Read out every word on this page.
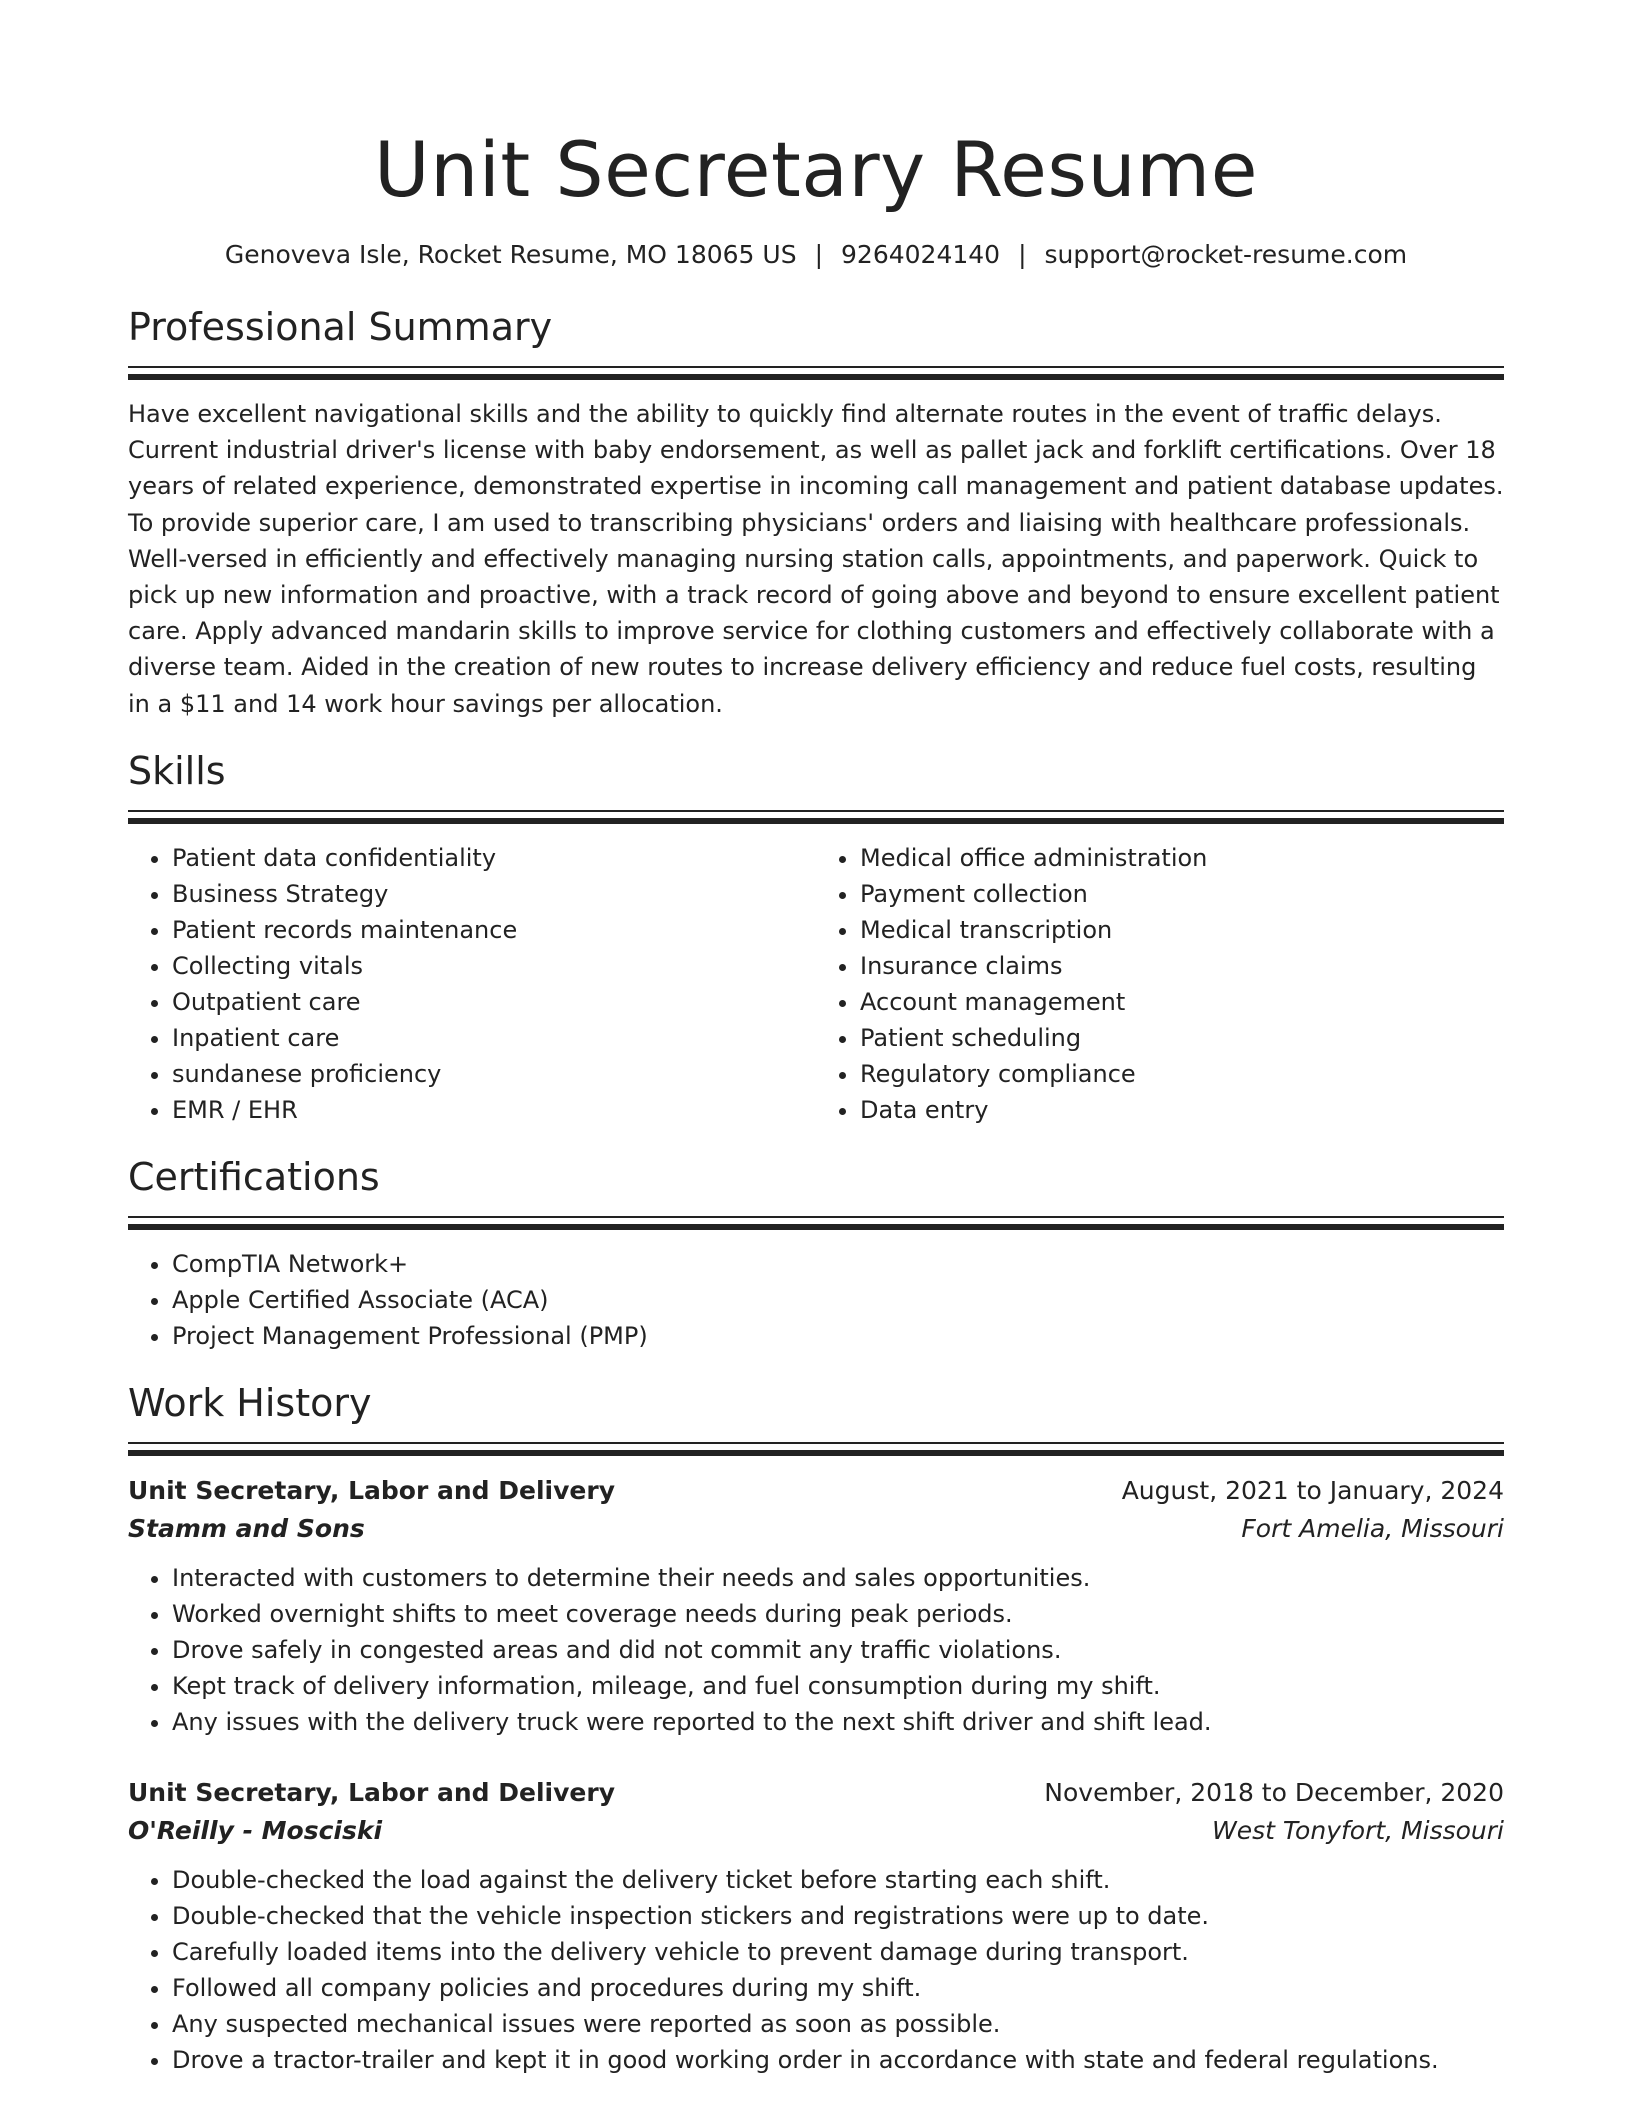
Unit Secretary Resume
Genoveva Isle, Rocket Resume, MO 18065 US | 9264024140 | support@rocket-resume.com
Professional Summary

Have excellent navigational skills and the ability to quickly find alternate routes in the event of traffic delays. Current industrial driver's license with baby endorsement, as well as pallet jack and forklift certifications. Over 18 years of related experience, demonstrated expertise in incoming call management and patient database updates. To provide superior care, I am used to transcribing physicians' orders and liaising with healthcare professionals. Well-versed in efficiently and effectively managing nursing station calls, appointments, and paperwork. Quick to pick up new information and proactive, with a track record of going above and beyond to ensure excellent patient care. Apply advanced mandarin skills to improve service for clothing customers and effectively collaborate with a diverse team. Aided in the creation of new routes to increase delivery efficiency and reduce fuel costs, resulting in a $11 and 14 work hour savings per allocation.

Skills
• Patient data confidentiality
• Business Strategy
• Patient records maintenance
• Collecting vitals
• Outpatient care
• Inpatient care
• sundanese proficiency
• EMR / EHR
• Medical office administration
• Payment collection
• Medical transcription
• Insurance claims
• Account management
• Patient scheduling
• Regulatory compliance
• Data entry
Certifications
• CompTIA Network+
• Apple Certified Associate (ACA)
• Project Management Professional (PMP)
Work History
Unit Secretary, Labor and Delivery	August, 2021 to January, 2024
Stamm and Sons	Fort Amelia, Missouri
• Interacted with customers to determine their needs and sales opportunities.
• Worked overnight shifts to meet coverage needs during peak periods.
• Drove safely in congested areas and did not commit any traffic violations.
• Kept track of delivery information, mileage, and fuel consumption during my shift.
• Any issues with the delivery truck were reported to the next shift driver and shift lead.
Unit Secretary, Labor and Delivery	November, 2018 to December, 2020
O'Reilly - Mosciski	West Tonyfort, Missouri
• Double-checked the load against the delivery ticket before starting each shift.
• Double-checked that the vehicle inspection stickers and registrations were up to date.
• Carefully loaded items into the delivery vehicle to prevent damage during transport.
• Followed all company policies and procedures during my shift.
• Any suspected mechanical issues were reported as soon as possible.
• Drove a tractor-trailer and kept it in good working order in accordance with state and federal regulations.
